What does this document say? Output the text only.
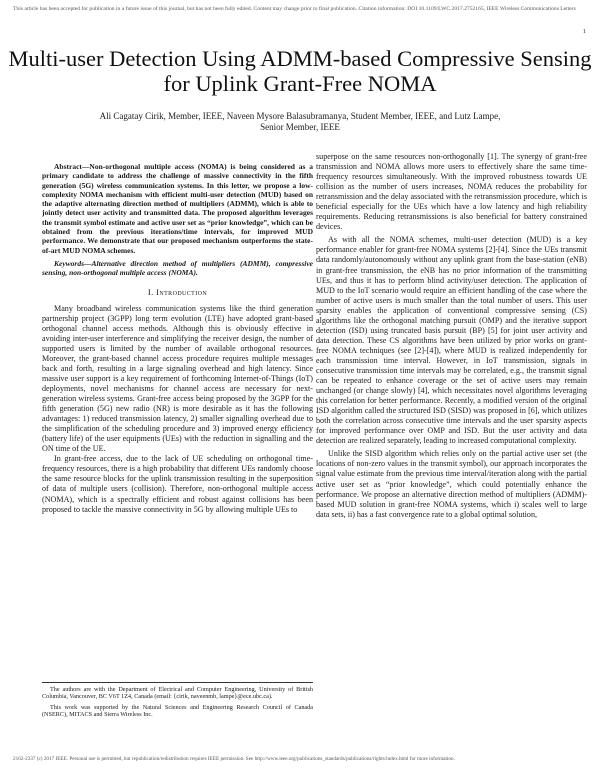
This article has been accepted for publication in a future issue of this journal, but has not been fully edited. Content may change prior to final publication. Citation information: DOI 10.1109/LWC.2017.2752165, IEEE Wireless Communications Letters
1
Multi-user Detection Using ADMM-based Compressive Sensing for Uplink Grant-Free NOMA
Ali Cagatay Cirik, Member, IEEE, Naveen Mysore Balasubramanya, Student Member, IEEE, and Lutz Lampe,
Senior Member, IEEE

Abstract—Non-orthogonal multiple access (NOMA) is being considered as a primary candidate to address the challenge of massive connectivity in the fifth generation (5G) wireless communication systems. In this letter, we propose a low-complexity NOMA mechanism with efficient multi-user detection (MUD) based on the adaptive alternating direction method of multipliers (ADMM), which is able to jointly detect user activity and transmitted data. The proposed algorithm leverages the transmit symbol estimate and active user set as “prior knowledge”, which can be obtained from the previous iterations/time intervals, for improved MUD performance. We demonstrate that our proposed mechanism outperforms the state-of-art MUD NOMA schemes.

Keywords—Alternative direction method of multipliers (ADMM), compressive sensing, non-orthogonal multiple access (NOMA).

I. Introduction

Many broadband wireless communication systems like the third generation partnership project (3GPP) long term evolution (LTE) have adopted grant-based orthogonal channel access methods. Although this is obviously effective in avoiding inter-user interference and simplifying the receiver design, the number of supported users is limited by the number of available orthogonal resources. Moreover, the grant-based channel access procedure requires multiple messages back and forth, resulting in a large signaling overhead and high latency. Since massive user support is a key requirement of forthcoming Internet-of-Things (IoT) deployments, novel mechanisms for channel access are necessary for next-generation wireless systems. Grant-free access being proposed by the 3GPP for the fifth generation (5G) new radio (NR) is more desirable as it has the following advantages: 1) reduced transmission latency, 2) smaller signalling overhead due to the simplification of the scheduling procedure and 3) improved energy efficiency (battery life) of the user equipments (UEs) with the reduction in signalling and the ON time of the UE.

In grant-free access, due to the lack of UE scheduling on orthogonal time-frequency resources, there is a high probability that different UEs randomly choose the same resource blocks for the uplink transmission resulting in the superposition of data of multiple users (collision). Therefore, non-orthogonal multiple access (NOMA), which is a spectrally efficient and robust against collisions has been proposed to tackle the massive connectivity in 5G by allowing multiple UEs to

The authors are with the Department of Electrical and Computer Engineering, University of British Columbia, Vancouver, BC V6T 1Z4, Canada (email: {cirik, naveenmb, lampe}@ece.ubc.ca).

This work was supported by the Natural Sciences and Engineering Research Council of Canada (NSERC), MITACS and Sierra Wireless Inc.

superpose on the same resources non-orthogonally [1]. The synergy of grant-free transmission and NOMA allows more users to effectively share the same time-frequency resources simultaneously. With the improved robustness towards UE collision as the number of users increases, NOMA reduces the probability for retransmission and the delay associated with the retransmission procedure, which is beneficial especially for the UEs which have a low latency and high reliability requirements. Reducing retransmissions is also beneficial for battery constrained devices.

As with all the NOMA schemes, multi-user detection (MUD) is a key performance enabler for grant-free NOMA systems [2]-[4]. Since the UEs transmit data randomly/autonomously without any uplink grant from the base-station (eNB) in grant-free transmission, the eNB has no prior information of the transmitting UEs, and thus it has to perform blind activity/user detection. The application of MUD to the IoT scenario would require an efficient handling of the case where the number of active users is much smaller than the total number of users. This user sparsity enables the application of conventional compressive sensing (CS) algorithms like the orthogonal matching pursuit (OMP) and the iterative support detection (ISD) using truncated basis pursuit (BP) [5] for joint user activity and data detection. These CS algorithms have been utilized by prior works on grant-free NOMA techniques (see [2]-[4]), where MUD is realized independently for each transmission time interval. However, in IoT transmission, signals in consecutive transmission time intervals may be correlated, e.g., the transmit signal can be repeated to enhance coverage or the set of active users may remain unchanged (or change slowly) [4], which necessitates novel algorithms leveraging this correlation for better performance. Recently, a modified version of the original ISD algorithm called the structured ISD (SISD) was proposed in [6], which utilizes both the correlation across consecutive time intervals and the user sparsity aspects for improved performance over OMP and ISD. But the user activity and data detection are realized separately, leading to increased computational complexity.

Unlike the SISD algorithm which relies only on the partial active user set (the locations of non-zero values in the transmit symbol), our approach incorporates the signal value estimate from the previous time interval/iteration along with the partial active user set as “prior knowledge”, which could potentially enhance the performance. We propose an alternative direction method of multipliers (ADMM)-based MUD solution in grant-free NOMA systems, which i) scales well to large data sets, ii) has a fast convergence rate to a global optimal solution,

2162-2337 (c) 2017 IEEE. Personal use is permitted, but republication/redistribution requires IEEE permission. See http://www.ieee.org/publications_standards/publications/rights/index.html for more information.
